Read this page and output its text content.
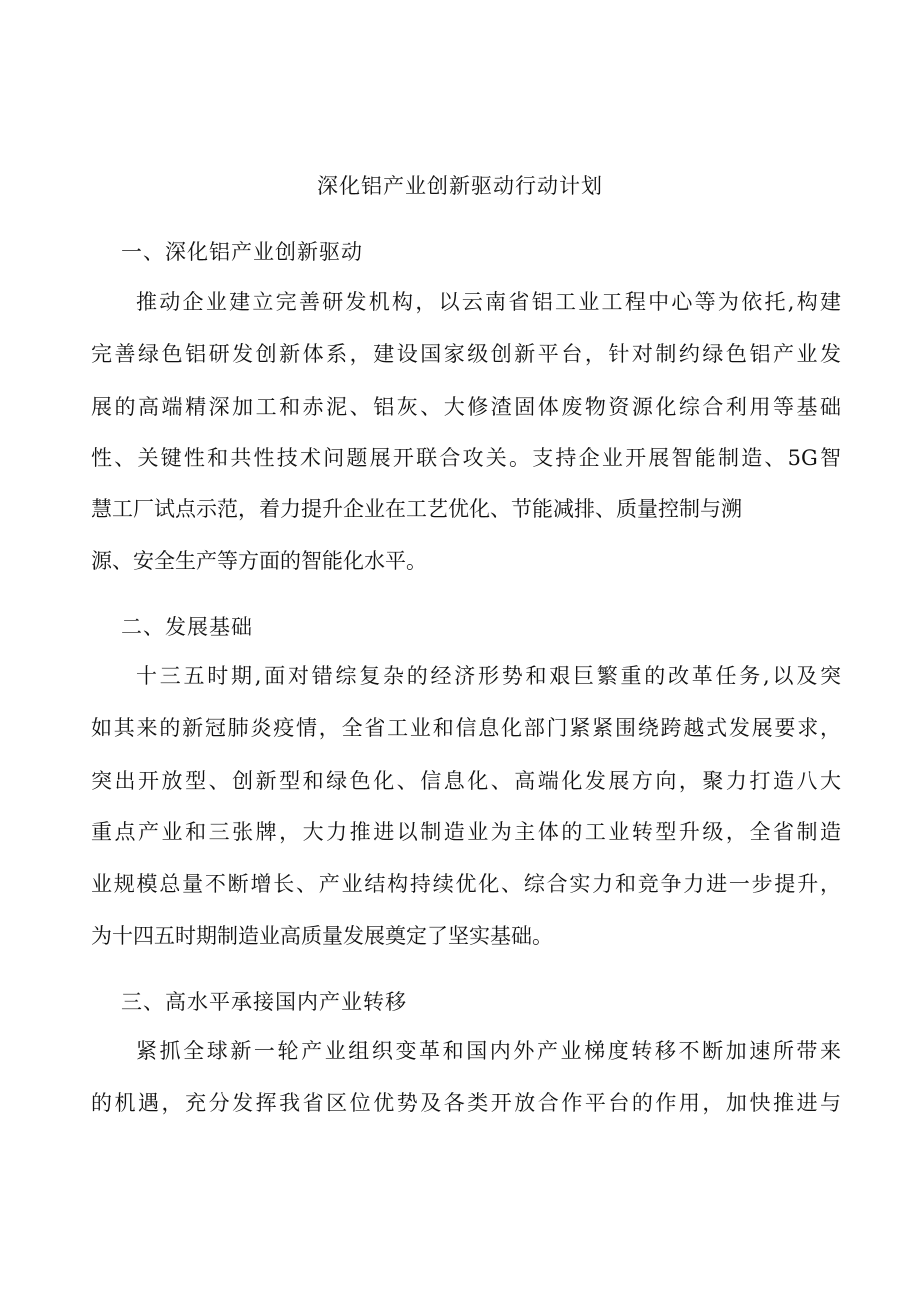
深化铝产业创新驱动行动计划
一、深化铝产业创新驱动
推动企业建立完善研发机构，以云南省铝工业工程中心等为依托,构建
完善绿色铝研发创新体系，建设国家级创新平台，针对制约绿色铝产业发
展的高端精深加工和赤泥、铝灰、大修渣固体废物资源化综合利用等基础
性、关键性和共性技术问题展开联合攻关。支持企业开展智能制造、5G智
慧工厂试点示范，着力提升企业在工艺优化、节能减排、质量控制与溯
源、安全生产等方面的智能化水平。
二、发展基础
十三五时期,面对错综复杂的经济形势和艰巨繁重的改革任务,以及突
如其来的新冠肺炎疫情，全省工业和信息化部门紧紧围绕跨越式发展要求，
突出开放型、创新型和绿色化、信息化、高端化发展方向，聚力打造八大
重点产业和三张牌，大力推进以制造业为主体的工业转型升级，全省制造
业规模总量不断增长、产业结构持续优化、综合实力和竞争力进一步提升，
为十四五时期制造业高质量发展奠定了坚实基础。
三、高水平承接国内产业转移
紧抓全球新一轮产业组织变革和国内外产业梯度转移不断加速所带来
的机遇，充分发挥我省区位优势及各类开放合作平台的作用，加快推进与
